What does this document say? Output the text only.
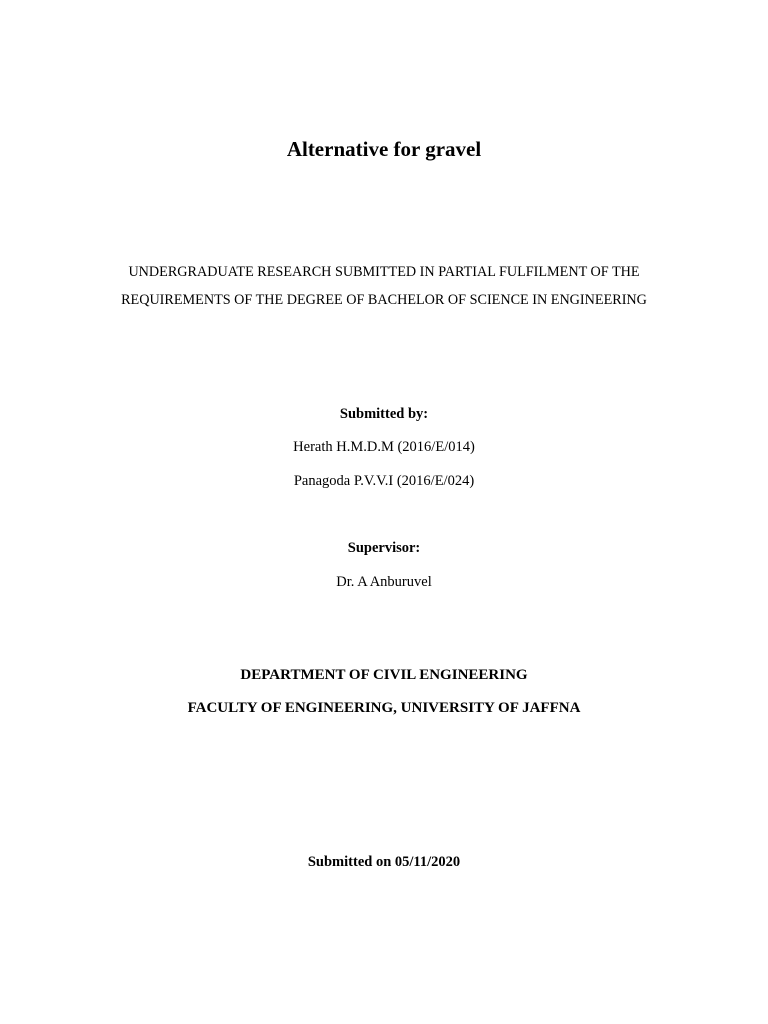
Alternative for gravel

UNDERGRADUATE RESEARCH SUBMITTED IN PARTIAL FULFILMENT OF THE

REQUIREMENTS OF THE DEGREE OF BACHELOR OF SCIENCE IN ENGINEERING

Submitted by:

Herath H.M.D.M (2016/E/014)

Panagoda P.V.V.I (2016/E/024)

Supervisor:

Dr. A Anburuvel

DEPARTMENT OF CIVIL ENGINEERING

FACULTY OF ENGINEERING, UNIVERSITY OF JAFFNA

Submitted on 05/11/2020
